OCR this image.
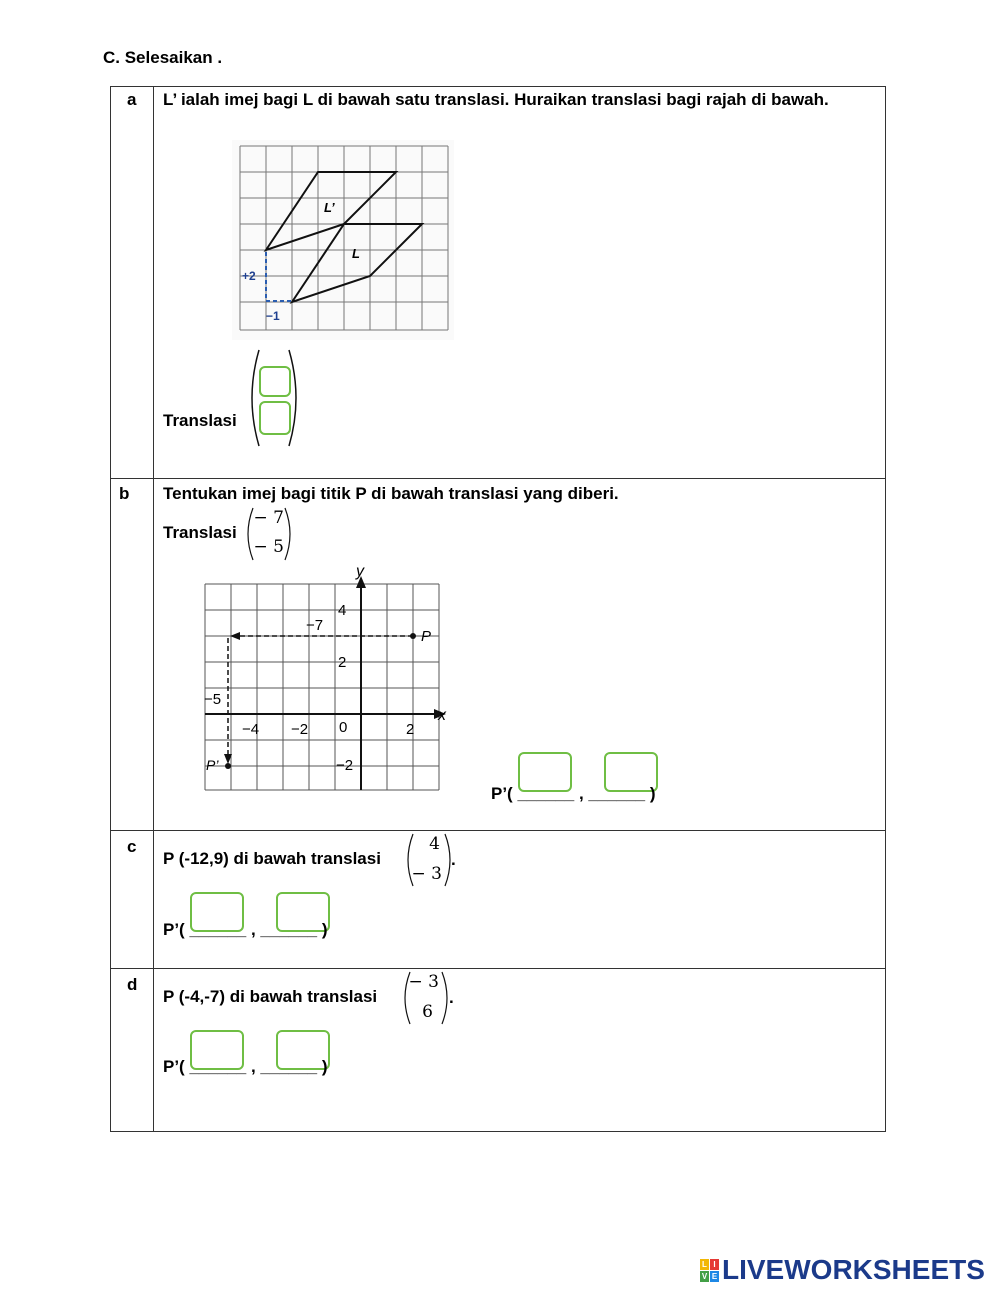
C. Selesaikan .
a L’ ialah imej bagi L di bawah satu translasi. Huraikan translasi bagi rajah di bawah.
L’
L
+2
−1
Translasi
b Tentukan imej bagi titik P di bawah translasi yang diberi.
Translasi
− 7
− 5
y
x
P
P’
−7
−5
−4 −2 0	2
4
2
−2
P’( ______ , ______ )
c
P (-12,9) di bawah translasi
4
− 3
.
P’( ______ , ______ )
d
P (-4,-7) di bawah translasi
− 3
6
.
P’( ______ , ______ )
L I
V E LIVEWORKSHEETS
